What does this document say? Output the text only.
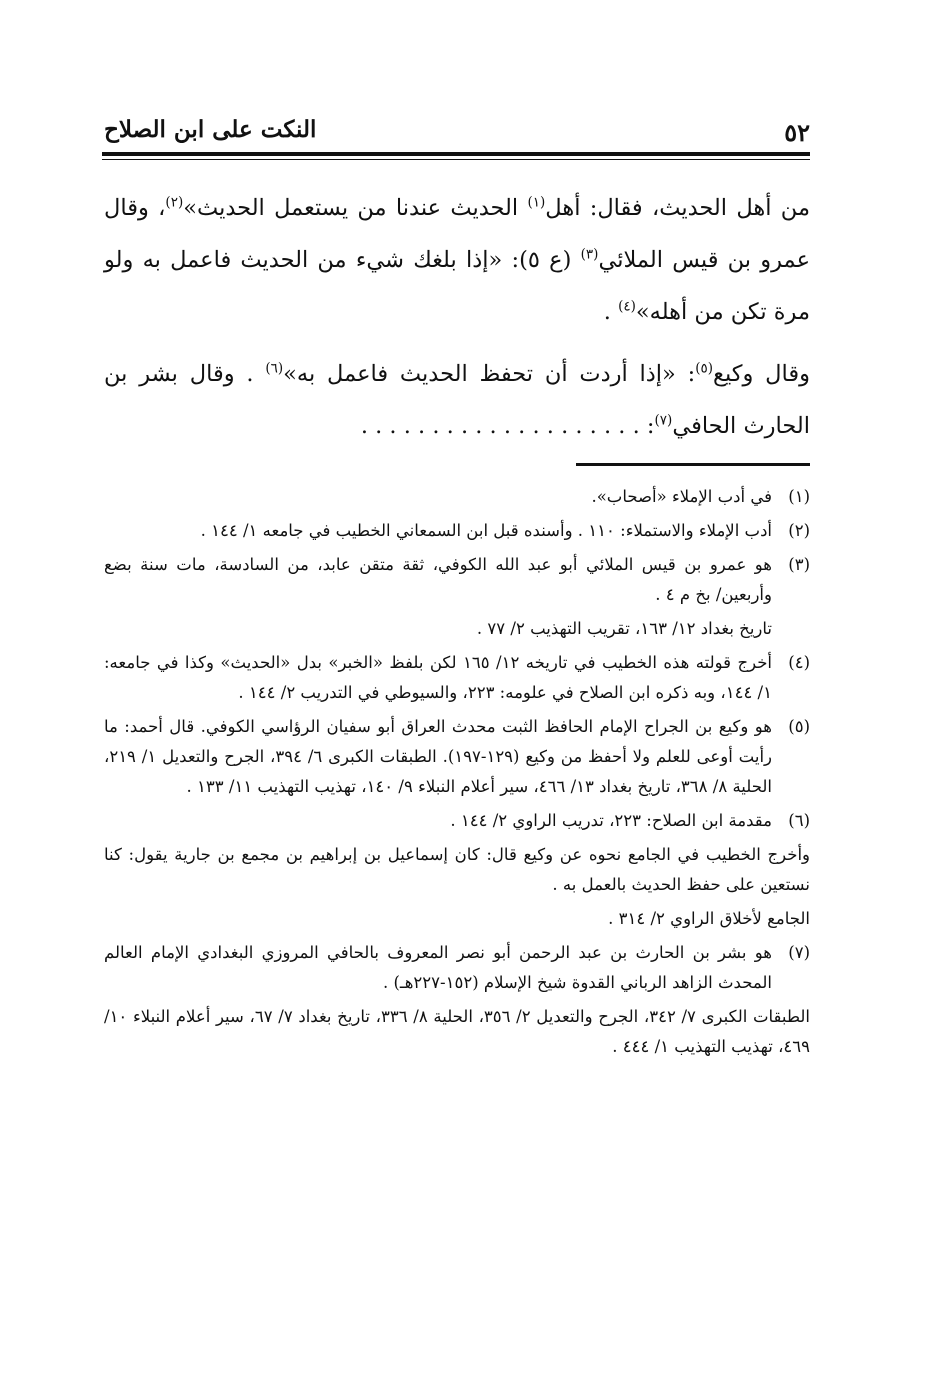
٥٢
النكت على ابن الصلاح

من أهل الحديث، فقال: أهل$^{(١)}$ الحديث عندنا من يستعمل الحديث»$^{(٢)}$، وقال عمرو بن قيس الملائي$^{(٣)}$ (ع ٥): «إذا بلغك شيء من الحديث فاعمل به ولو مرة تكن من أهله»$^{(٤)}$ .

وقال وكيع$^{(٥)}$: «إذا أردت أن تحفظ الحديث فاعمل به»$^{(٦)}$ . وقال بشر بن الحارث الحافي$^{(٧)}$: . . . . . . . . . . . . . . . . . . . .

(١)
في أدب الإملاء «أصحاب».
(٢)
أدب الإملاء والاستملاء: ١١٠ . وأسنده قبل ابن السمعاني الخطيب في جامعه ١/ ١٤٤ .
(٣)
هو عمرو بن قيس الملائي أبو عبد الله الكوفي، ثقة متقن عابد، من السادسة، مات سنة بضع وأربعين/ بخ م ٤ .
تاريخ بغداد ١٢/ ١٦٣، تقريب التهذيب ٢/ ٧٧ .
(٤)
أخرج قولته هذه الخطيب في تاريخه ١٢/ ١٦٥ لكن بلفظ «الخبر» بدل «الحديث» وكذا في جامعه: ١/ ١٤٤، وبه ذكره ابن الصلاح في علومه: ٢٢٣، والسيوطي في التدريب ٢/ ١٤٤ .
(٥)
هو وكيع بن الجراح الإمام الحافظ الثبت محدث العراق أبو سفيان الرؤاسي الكوفي. قال أحمد: ما رأيت أوعى للعلم ولا أحفظ من وكيع (١٢٩-١٩٧). الطبقات الكبرى ٦/ ٣٩٤، الجرح والتعديل ١/ ٢١٩، الحلية ٨/ ٣٦٨، تاريخ بغداد ١٣/ ٤٦٦، سير أعلام النبلاء ٩/ ١٤٠، تهذيب التهذيب ١١/ ١٣٣ .
(٦)
مقدمة ابن الصلاح: ٢٢٣، تدريب الراوي ٢/ ١٤٤ .
وأخرج الخطيب في الجامع نحوه عن وكيع قال: كان إسماعيل بن إبراهيم بن مجمع بن جارية يقول: كنا نستعين على حفظ الحديث بالعمل به .
الجامع لأخلاق الراوي ٢/ ٣١٤ .
(٧)
هو بشر بن الحارث بن عبد الرحمن أبو نصر المعروف بالحافي المروزي البغدادي الإمام العالم المحدث الزاهد الرباني القدوة شيخ الإسلام (١٥٢-٢٢٧هـ) .
الطبقات الكبرى ٧/ ٣٤٢، الجرح والتعديل ٢/ ٣٥٦، الحلية ٨/ ٣٣٦، تاريخ بغداد ٧/ ٦٧، سير أعلام النبلاء ١٠/ ٤٦٩، تهذيب التهذيب ١/ ٤٤٤ .
